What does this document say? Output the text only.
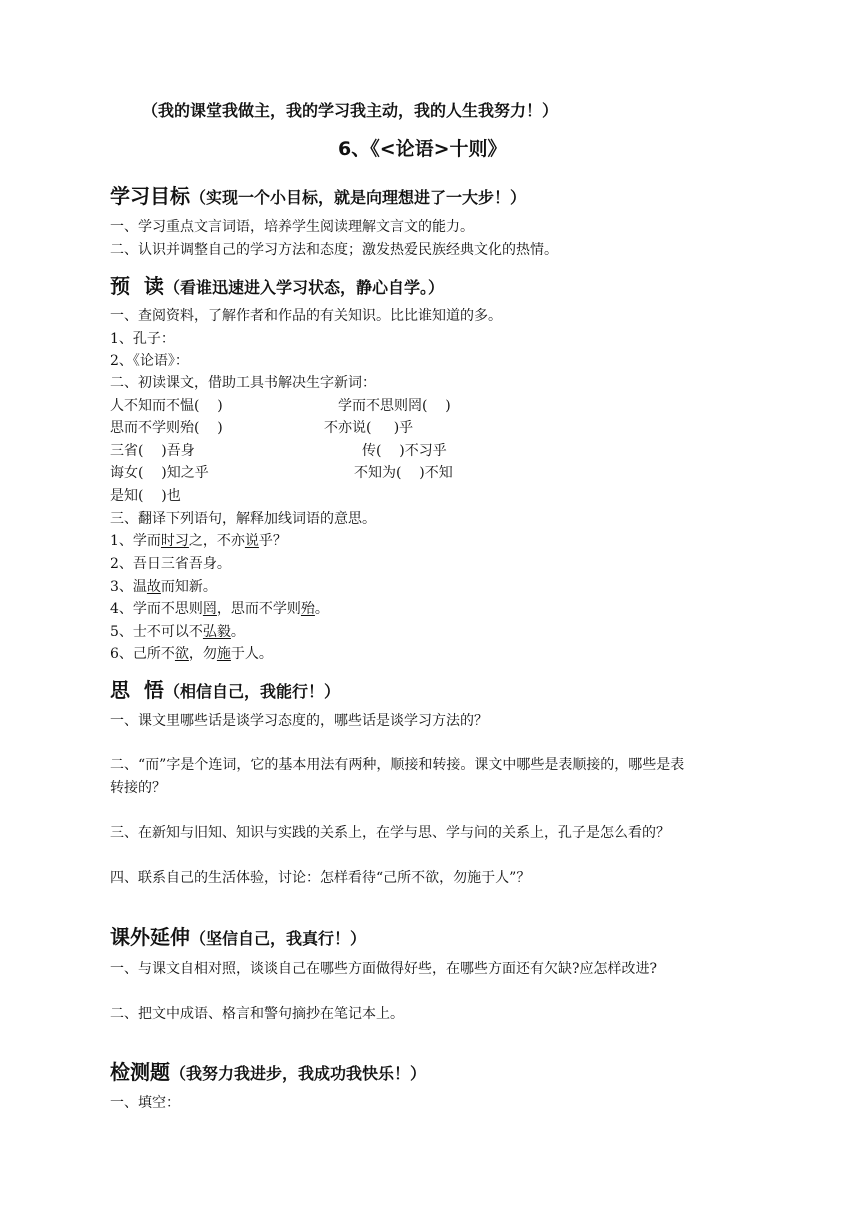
（我的课堂我做主，我的学习我主动，我的人生我努力！）
6、《<论语>十则》
学习目标（实现一个小目标，就是向理想进了一大步！）
一、学习重点文言词语，培养学生阅读理解文言文的能力。
二、认识并调整自己的学习方法和态度；激发热爱民族经典文化的热情。
预  读（看谁迅速进入学习状态，静心自学。）
一、查阅资料，了解作者和作品的有关知识。比比谁知道的多。
1、孔子：
2、《论语》：
二、初读课文，借助工具书解决生字新词：
人不知而不愠(    )	学而不思则罔(    )
思而不学则殆(    )	不亦说(     )乎
三省(    )吾身	传(    )不习乎
诲女(    )知之乎	不知为(    )不知
是知(    )也
三、翻译下列语句，解释加线词语的意思。
1、学而时习之，不亦说乎？
2、吾日三省吾身。
3、温故而知新。
4、学而不思则罔，思而不学则殆。
5、士不可以不弘毅。
6、己所不欲，勿施于人。
思  悟（相信自己，我能行！）
一、课文里哪些话是谈学习态度的，哪些话是谈学习方法的？
二、“而”字是个连词，它的基本用法有两种，顺接和转接。课文中哪些是表顺接的，哪些是表
转接的？
三、在新知与旧知、知识与实践的关系上，在学与思、学与问的关系上，孔子是怎么看的？
四、联系自己的生活体验，讨论：怎样看待“己所不欲，勿施于人”？
课外延伸（坚信自己，我真行！）
一、与课文自相对照，谈谈自己在哪些方面做得好些，在哪些方面还有欠缺?应怎样改进?
二、把文中成语、格言和警句摘抄在笔记本上。
检测题（我努力我进步，我成功我快乐！）
一、填空：
